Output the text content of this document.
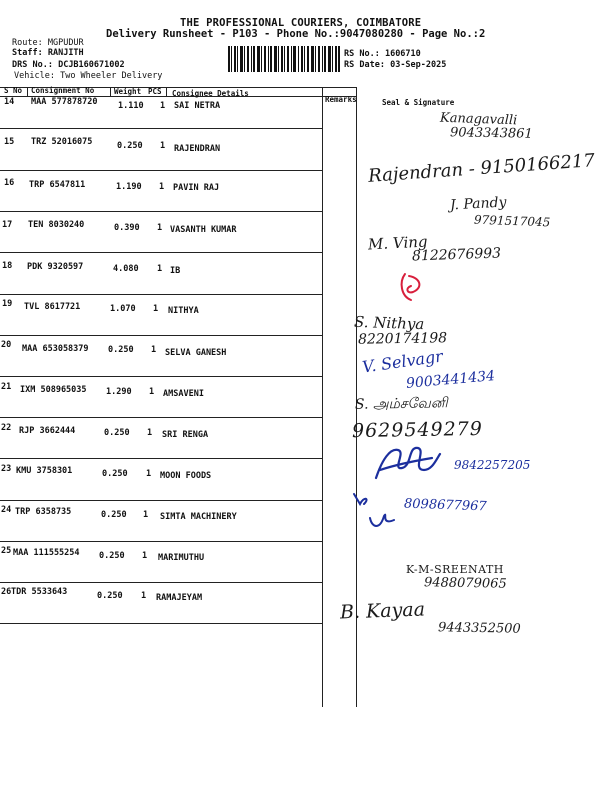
THE PROFESSIONAL COURIERS, COIMBATORE
Delivery Runsheet - P103 - Phone No.:9047080280 - Page No.:2
Route: MGPUDUR
Staff: RANJITH
DRS No.: DCJB160671002
Vehicle: Two Wheeler Delivery
RS No.: 1606710
RS Date: 03-Sep-2025
S No Consignment No	Weight PCS Consignee Details
Remarks	Seal & Signature
14 MAA 577878720 1.110 1 SAI NETRA
15 TRZ 52016075	0.250 1 RAJENDRAN
16 TRP 6547811	1.190 1 PAVIN RAJ
17 TEN 8030240	0.390 1 VASANTH KUMAR
18 PDK 9320597	4.080 1 IB
19 TVL 8617721	1.070 1 NITHYA
20 MAA 653058379 0.250 1 SELVA GANESH
21 IXM 508965035 1.290 1 AMSAVENI
22 RJP 3662444	0.250 1 SRI RENGA
23 KMU 3758301	0.250 1 MOON FOODS
24 TRP 6358735	0.250 1 SIMTA MACHINERY
25 MAA 111555254 0.250 1 MARIMUTHU
26 TDR 5533643	0.250 1 RAMAJEYAM
Kanagavalli
9043343861
Rajendran - 9150166217
J. Pandy
9791517045
M. Ving
8122676993
S. Nithya
8220174198
V. Selvagr
9003441434
S. அம்சவேனி
9629549279
9842257205
8098677967
K-M-SREENATH
9488079065
B. Kayaa
9443352500
